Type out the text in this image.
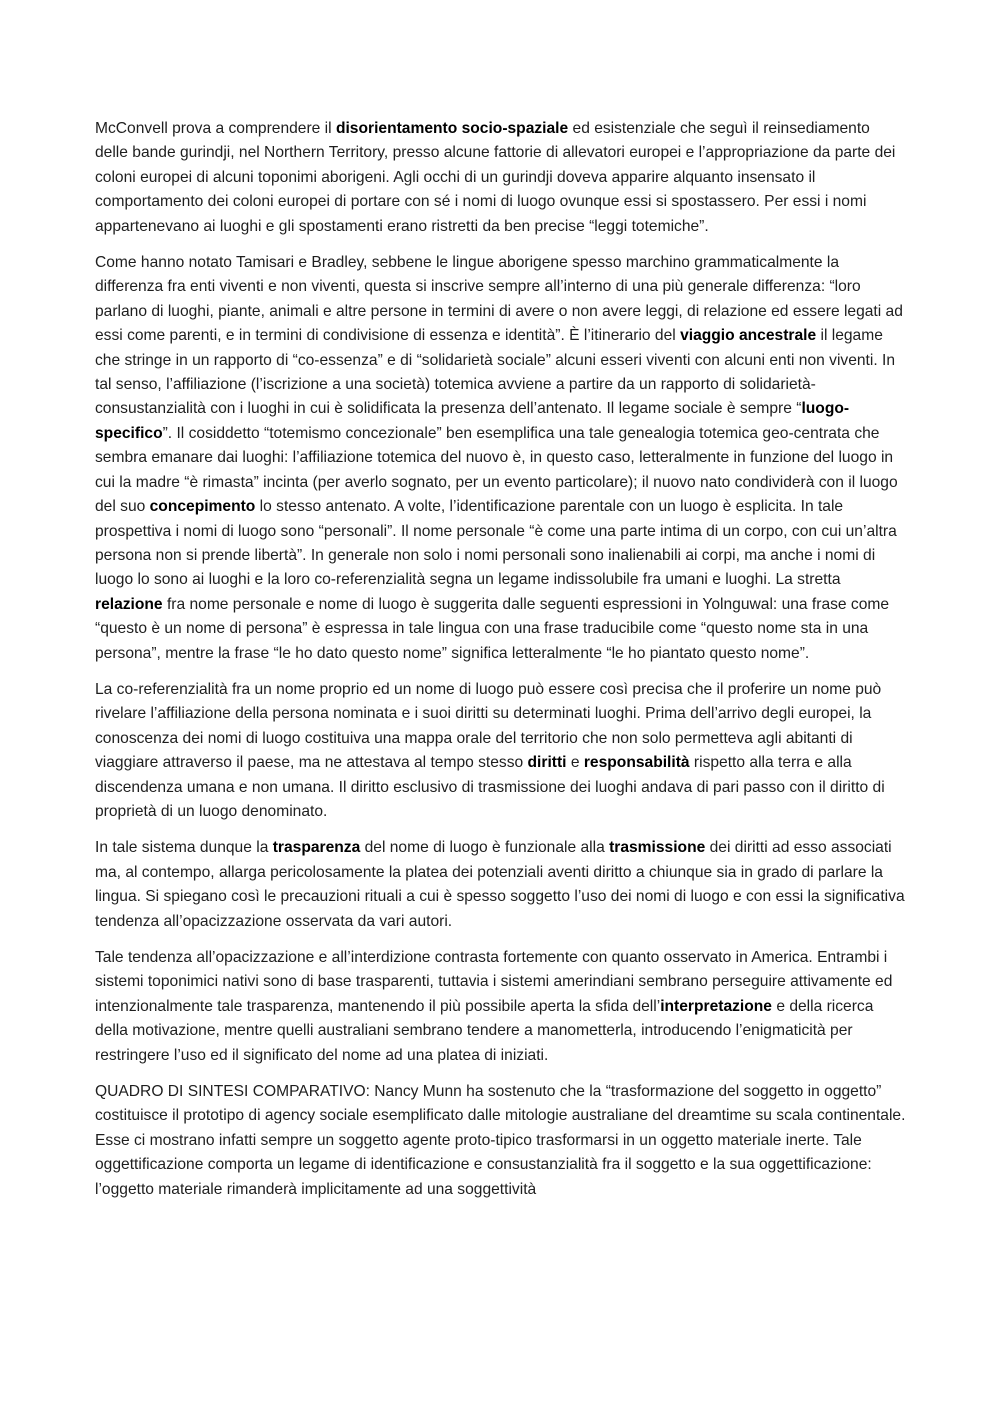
McConvell prova a comprendere il disorientamento socio-spaziale ed esistenziale che seguì il reinsediamento delle bande gurindji, nel Northern Territory, presso alcune fattorie di allevatori europei e l’appropriazione da parte dei coloni europei di alcuni toponimi aborigeni. Agli occhi di un gurindji doveva apparire alquanto insensato il comportamento dei coloni europei di portare con sé i nomi di luogo ovunque essi si spostassero. Per essi i nomi appartenevano ai luoghi e gli spostamenti erano ristretti da ben precise “leggi totemiche”.

Come hanno notato Tamisari e Bradley, sebbene le lingue aborigene spesso marchino grammaticalmente la differenza fra enti viventi e non viventi, questa si inscrive sempre all’interno di una più generale differenza: “loro parlano di luoghi, piante, animali e altre persone in termini di avere o non avere leggi, di relazione ed essere legati ad essi come parenti, e in termini di condivisione di essenza e identità”. È l’itinerario del viaggio ancestrale il legame che stringe in un rapporto di “co-essenza” e di “solidarietà sociale” alcuni esseri viventi con alcuni enti non viventi. In tal senso, l’affiliazione (l’iscrizione a una società) totemica avviene a partire da un rapporto di solidarietà-consustanzialità con i luoghi in cui è solidificata la presenza dell’antenato. Il legame sociale è sempre “luogo-specifico”. Il cosiddetto “totemismo concezionale” ben esemplifica una tale genealogia totemica geo-centrata che sembra emanare dai luoghi: l’affiliazione totemica del nuovo è, in questo caso, letteralmente in funzione del luogo in cui la madre “è rimasta” incinta (per averlo sognato, per un evento particolare); il nuovo nato condividerà con il luogo del suo concepimento lo stesso antenato. A volte, l’identificazione parentale con un luogo è esplicita. In tale prospettiva i nomi di luogo sono “personali”. Il nome personale “è come una parte intima di un corpo, con cui un’altra persona non si prende libertà”. In generale non solo i nomi personali sono inalienabili ai corpi, ma anche i nomi di luogo lo sono ai luoghi e la loro co-referenzialità segna un legame indissolubile fra umani e luoghi. La stretta relazione fra nome personale e nome di luogo è suggerita dalle seguenti espressioni in Yolnguwal: una frase come “questo è un nome di persona” è espressa in tale lingua con una frase traducibile come “questo nome sta in una persona”, mentre la frase “le ho dato questo nome” significa letteralmente “le ho piantato questo nome”.

La co-referenzialità fra un nome proprio ed un nome di luogo può essere così precisa che il proferire un nome può rivelare l’affiliazione della persona nominata e i suoi diritti su determinati luoghi. Prima dell’arrivo degli europei, la conoscenza dei nomi di luogo costituiva una mappa orale del territorio che non solo permetteva agli abitanti di viaggiare attraverso il paese, ma ne attestava al tempo stesso diritti e responsabilità rispetto alla terra e alla discendenza umana e non umana. Il diritto esclusivo di trasmissione dei luoghi andava di pari passo con il diritto di proprietà di un luogo denominato.

In tale sistema dunque la trasparenza del nome di luogo è funzionale alla trasmissione dei diritti ad esso associati ma, al contempo, allarga pericolosamente la platea dei potenziali aventi diritto a chiunque sia in grado di parlare la lingua. Si spiegano così le precauzioni rituali a cui è spesso soggetto l’uso dei nomi di luogo e con essi la significativa tendenza all’opacizzazione osservata da vari autori.

Tale tendenza all’opacizzazione e all’interdizione contrasta fortemente con quanto osservato in America. Entrambi i sistemi toponimici nativi sono di base trasparenti, tuttavia i sistemi amerindiani sembrano perseguire attivamente ed intenzionalmente tale trasparenza, mantenendo il più possibile aperta la sfida dell’interpretazione e della ricerca della motivazione, mentre quelli australiani sembrano tendere a manometterla, introducendo l’enigmaticità per restringere l’uso ed il significato del nome ad una platea di iniziati.

QUADRO DI SINTESI COMPARATIVO: Nancy Munn ha sostenuto che la “trasformazione del soggetto in oggetto” costituisce il prototipo di agency sociale esemplificato dalle mitologie australiane del dreamtime su scala continentale. Esse ci mostrano infatti sempre un soggetto agente proto-tipico trasformarsi in un oggetto materiale inerte. Tale oggettificazione comporta un legame di identificazione e consustanzialità fra il soggetto e la sua oggettificazione: l’oggetto materiale rimanderà implicitamente ad una soggettività
